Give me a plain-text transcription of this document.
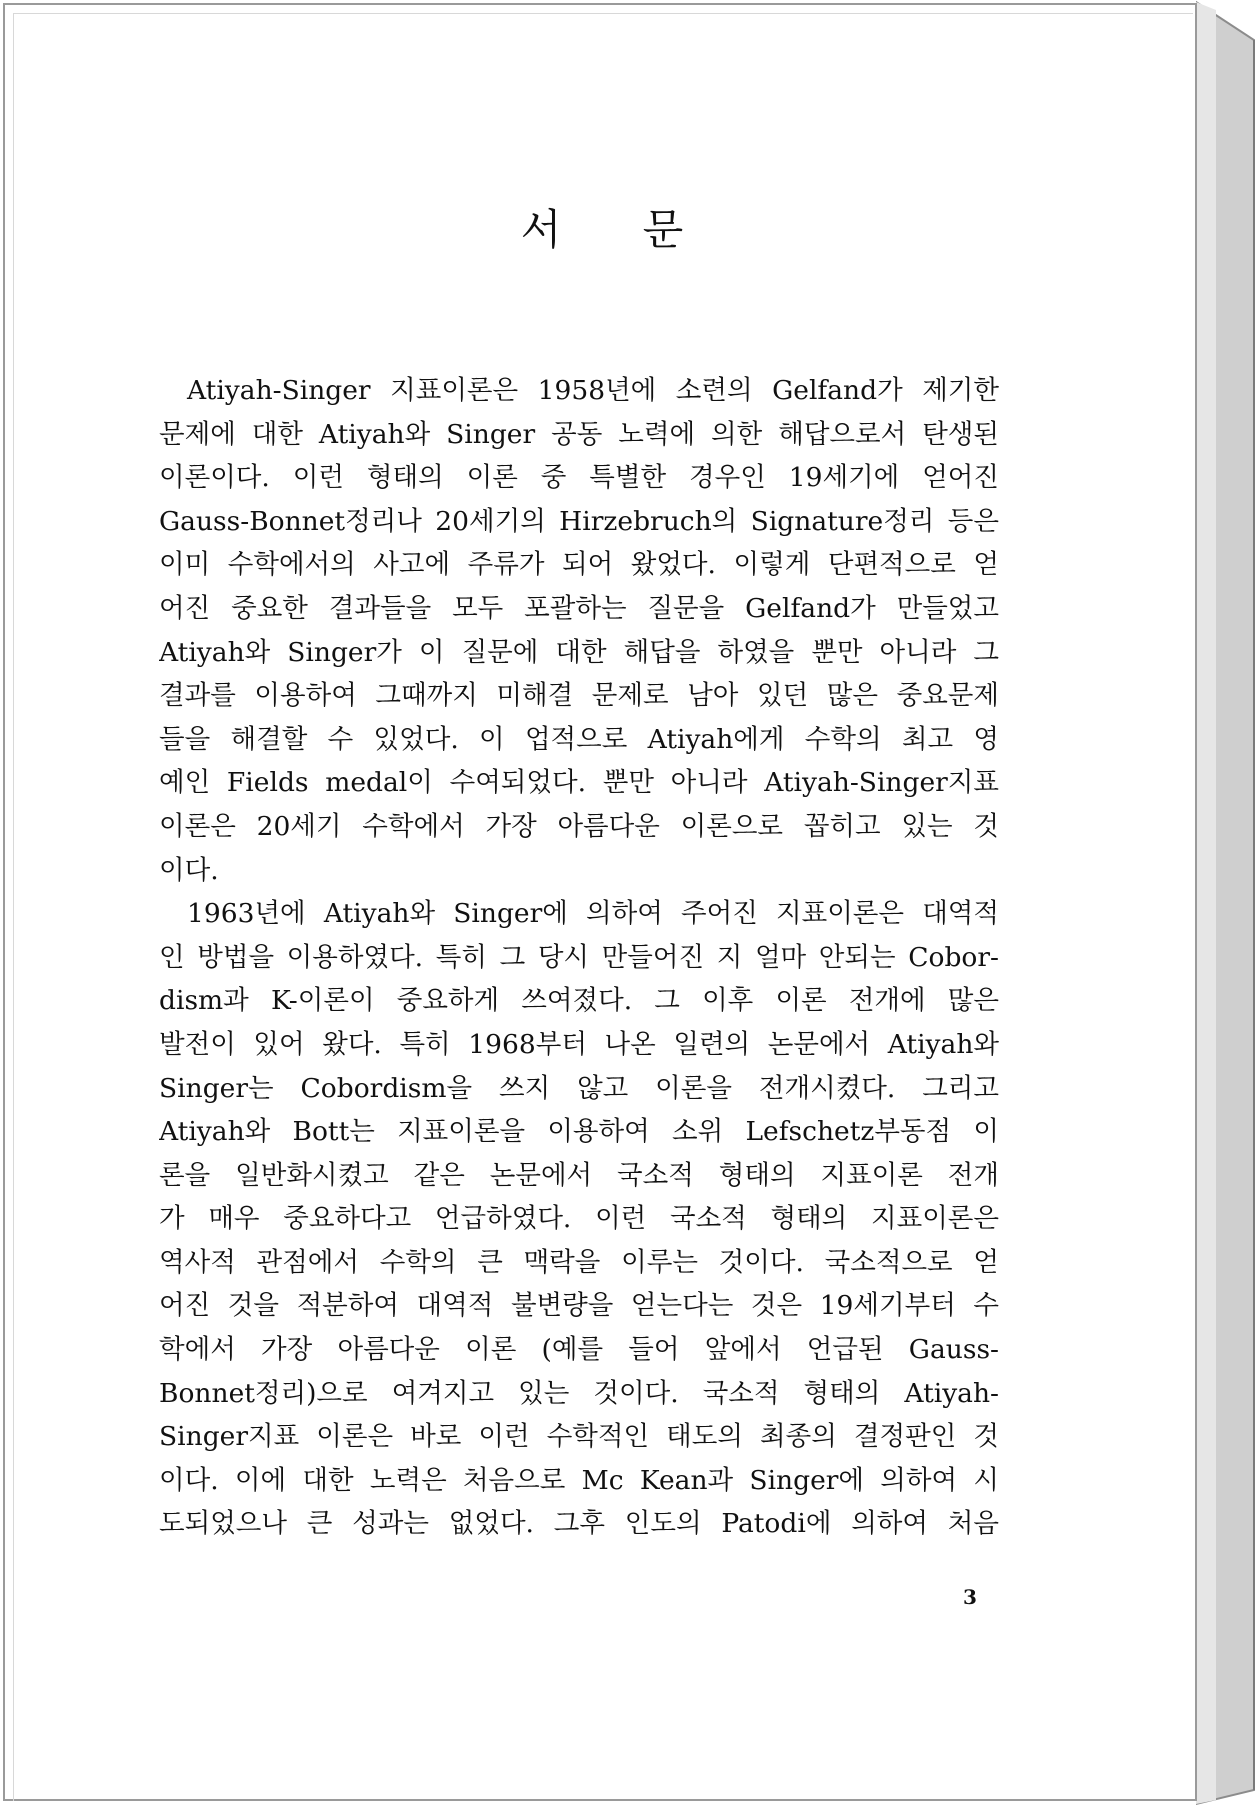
서 문
Atiyah-Singer 지표이론은 1958년에 소련의 Gelfand가 제기한
문제에 대한 Atiyah와 Singer 공동 노력에 의한 해답으로서 탄생된
이론이다. 이런 형태의 이론 중 특별한 경우인 19세기에 얻어진
Gauss-Bonnet정리나 20세기의 Hirzebruch의 Signature정리 등은
이미 수학에서의 사고에 주류가 되어 왔었다. 이렇게 단편적으로 얻
어진 중요한 결과들을 모두 포괄하는 질문을 Gelfand가 만들었고
Atiyah와 Singer가 이 질문에 대한 해답을 하였을 뿐만 아니라 그
결과를 이용하여 그때까지 미해결 문제로 남아 있던 많은 중요문제
들을 해결할 수 있었다. 이 업적으로 Atiyah에게 수학의 최고 영
예인 Fields medal이 수여되었다. 뿐만 아니라 Atiyah-Singer지표
이론은 20세기 수학에서 가장 아름다운 이론으로 꼽히고 있는 것
이다.
1963년에 Atiyah와 Singer에 의하여 주어진 지표이론은 대역적
인 방법을 이용하였다. 특히 그 당시 만들어진 지 얼마 안되는 Cobor-
dism과 K-이론이 중요하게 쓰여졌다. 그 이후 이론 전개에 많은
발전이 있어 왔다. 특히 1968부터 나온 일련의 논문에서 Atiyah와
Singer는 Cobordism을 쓰지 않고 이론을 전개시켰다. 그리고
Atiyah와 Bott는 지표이론을 이용하여 소위 Lefschetz부동점 이
론을 일반화시켰고 같은 논문에서 국소적 형태의 지표이론 전개
가 매우 중요하다고 언급하였다. 이런 국소적 형태의 지표이론은
역사적 관점에서 수학의 큰 맥락을 이루는 것이다. 국소적으로 얻
어진 것을 적분하여 대역적 불변량을 얻는다는 것은 19세기부터 수
학에서 가장 아름다운 이론 (예를 들어 앞에서 언급된 Gauss-
Bonnet정리)으로 여겨지고 있는 것이다. 국소적 형태의 Atiyah-
Singer지표 이론은 바로 이런 수학적인 태도의 최종의 결정판인 것
이다. 이에 대한 노력은 처음으로 Mc Kean과 Singer에 의하여 시
도되었으나 큰 성과는 없었다. 그후 인도의 Patodi에 의하여 처음
3
